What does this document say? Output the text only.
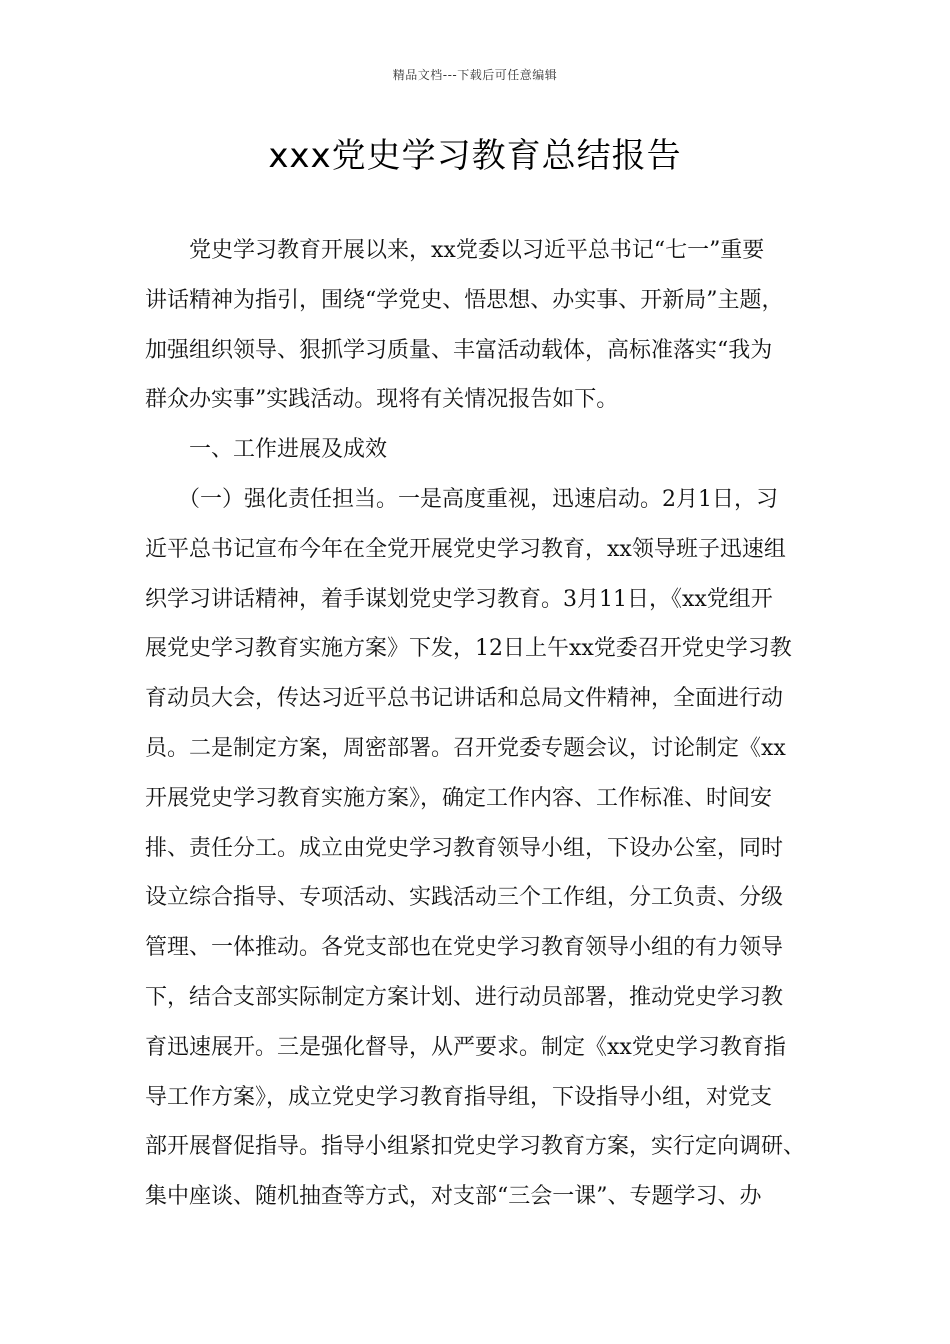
精品文档---下载后可任意编辑
xxx党史学习教育总结报告
　　党史学习教育开展以来，xx党委以习近平总书记“七一”重要
讲话精神为指引，围绕“学党史、悟思想、办实事、开新局”主题，
加强组织领导、狠抓学习质量、丰富活动载体，高标准落实“我为
群众办实事”实践活动。现将有关情况报告如下。
　　一、工作进展及成效
　　（一）强化责任担当。一是高度重视，迅速启动。2月1日，习
近平总书记宣布今年在全党开展党史学习教育，xx领导班子迅速组
织学习讲话精神，着手谋划党史学习教育。3月11日，《xx党组开
展党史学习教育实施方案》下发，12日上午xx党委召开党史学习教
育动员大会，传达习近平总书记讲话和总局文件精神，全面进行动
员。二是制定方案，周密部署。召开党委专题会议，讨论制定《xx
开展党史学习教育实施方案》，确定工作内容、工作标准、时间安
排、责任分工。成立由党史学习教育领导小组，下设办公室，同时
设立综合指导、专项活动、实践活动三个工作组，分工负责、分级
管理、一体推动。各党支部也在党史学习教育领导小组的有力领导
下，结合支部实际制定方案计划、进行动员部署，推动党史学习教
育迅速展开。三是强化督导，从严要求。制定《xx党史学习教育指
导工作方案》，成立党史学习教育指导组，下设指导小组，对党支
部开展督促指导。指导小组紧扣党史学习教育方案，实行定向调研、
集中座谈、随机抽查等方式，对支部“三会一课”、专题学习、办
